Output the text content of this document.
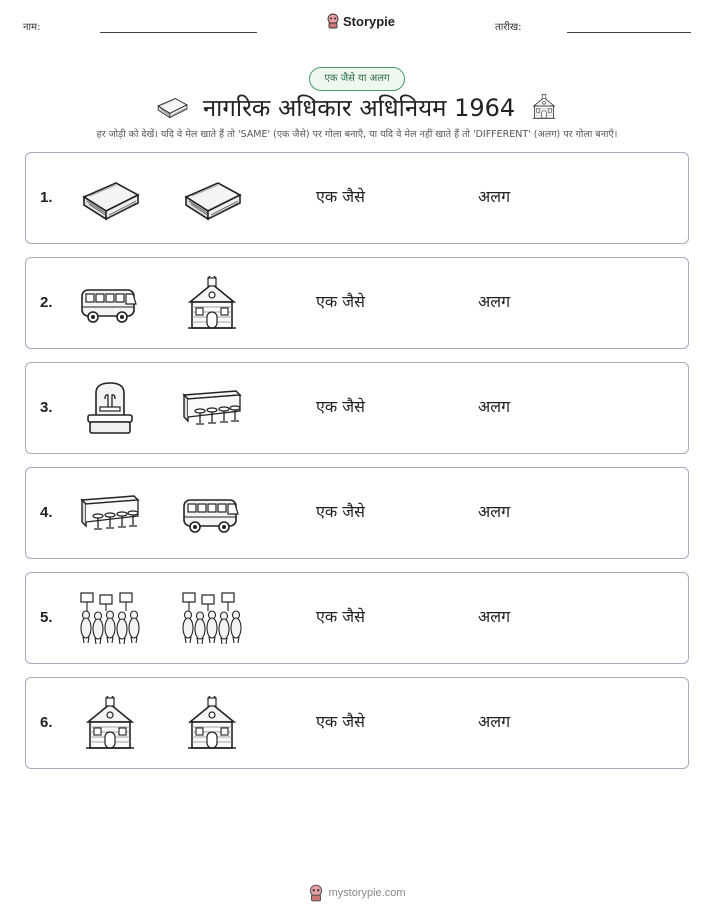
नाम:	Storypie	तारीख:
एक जैसे या अलग
नागरिक अधिकार अधिनियम 1964
हर जोड़ी को देखें। यदि वे मेल खाते हैं तो 'SAME' (एक जैसे) पर गोला बनाएँ, या यदि वे मेल नहीं खाते हैं तो 'DIFFERENT' (अलग) पर गोला बनाएँ।
1.	एक जैसे	अलग
2.	एक जैसे	अलग
3.	एक जैसे	अलग
4.	एक जैसे	अलग
5.	एक जैसे	अलग
6.	एक जैसे	अलग
mystorypie.com
